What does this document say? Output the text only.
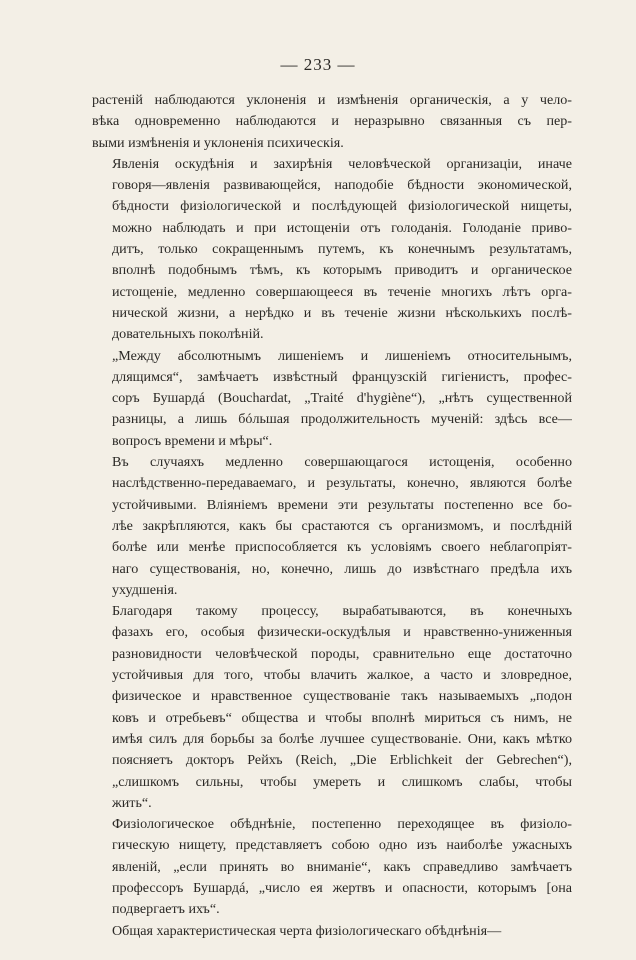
— 233 —

растеній наблюдаются уклоненія и измѣненія органическія, а у чело-
вѣка одновременно наблюдаются и неразрывно связанныя съ пер-
выми измѣненія и уклоненія психическія.

Явленія оскудѣнія и захирѣнія человѣческой организаціи, иначе
говоря—явленія развивающейся, наподобіе бѣдности экономической,
бѣдности физіологической и послѣдующей физіологической нищеты,
можно наблюдать и при истощеніи отъ голоданія. Голоданіе приво-
дитъ, только сокращеннымъ путемъ, къ конечнымъ результатамъ,
вполнѣ подобнымъ тѣмъ, къ которымъ приводитъ и органическое
истощеніе, медленно совершающееся въ теченіе многихъ лѣтъ орга-
нической жизни, а нерѣдко и въ теченіе жизни нѣсколькихъ послѣ-
довательныхъ поколѣній.

„Между абсолютнымъ лишеніемъ и лишеніемъ относительнымъ,
длящимся“, замѣчаетъ извѣстный французскій гигіенистъ, профес-
соръ Бушардá (Bouchardat, „Traité d'hygiène“), „нѣтъ существенной
разницы, а лишь бóльшая продолжительность мученій: здѣсь все—
вопросъ времени и мѣры“.

Въ случаяхъ медленно совершающагося истощенія, особенно
наслѣдственно-передаваемаго, и результаты, конечно, являются болѣе
устойчивыми. Вліяніемъ времени эти результаты постепенно все бо-
лѣе закрѣпляются, какъ бы срастаются съ организмомъ, и послѣдній
болѣе или менѣе приспособляется къ условіямъ своего неблагопріят-
наго существованія, но, конечно, лишь до извѣстнаго предѣла ихъ
ухудшенія.

Благодаря такому процессу, вырабатываются, въ конечныхъ
фазахъ его, особыя физически-оскудѣлыя и нравственно-униженныя
разновидности человѣческой породы, сравнительно еще достаточно
устойчивыя для того, чтобы влачить жалкое, а часто и зловредное,
физическое и нравственное существованіе такъ называемыхъ „подон
ковъ и отребьевъ“ общества и чтобы вполнѣ мириться съ нимъ, не
имѣя силъ для борьбы за болѣе лучшее существованіе. Они, какъ мѣтко
поясняетъ докторъ Рейхъ (Reich, „Die Erblichkeit der Gebrechen“),
„слишкомъ сильны, чтобы умереть и слишкомъ слабы, чтобы
жить“.

Физіологическое обѣднѣніе, постепенно переходящее въ физіоло-
гическую нищету, представляетъ собою одно изъ наиболѣе ужасныхъ
явленій, „если принять во вниманіе“, какъ справедливо замѣчаетъ
профессоръ Бушардá, „число ея жертвъ и опасности, которымъ [она
подвергаетъ ихъ“.

Общая характеристическая черта физіологическаго обѣднѣнія—
